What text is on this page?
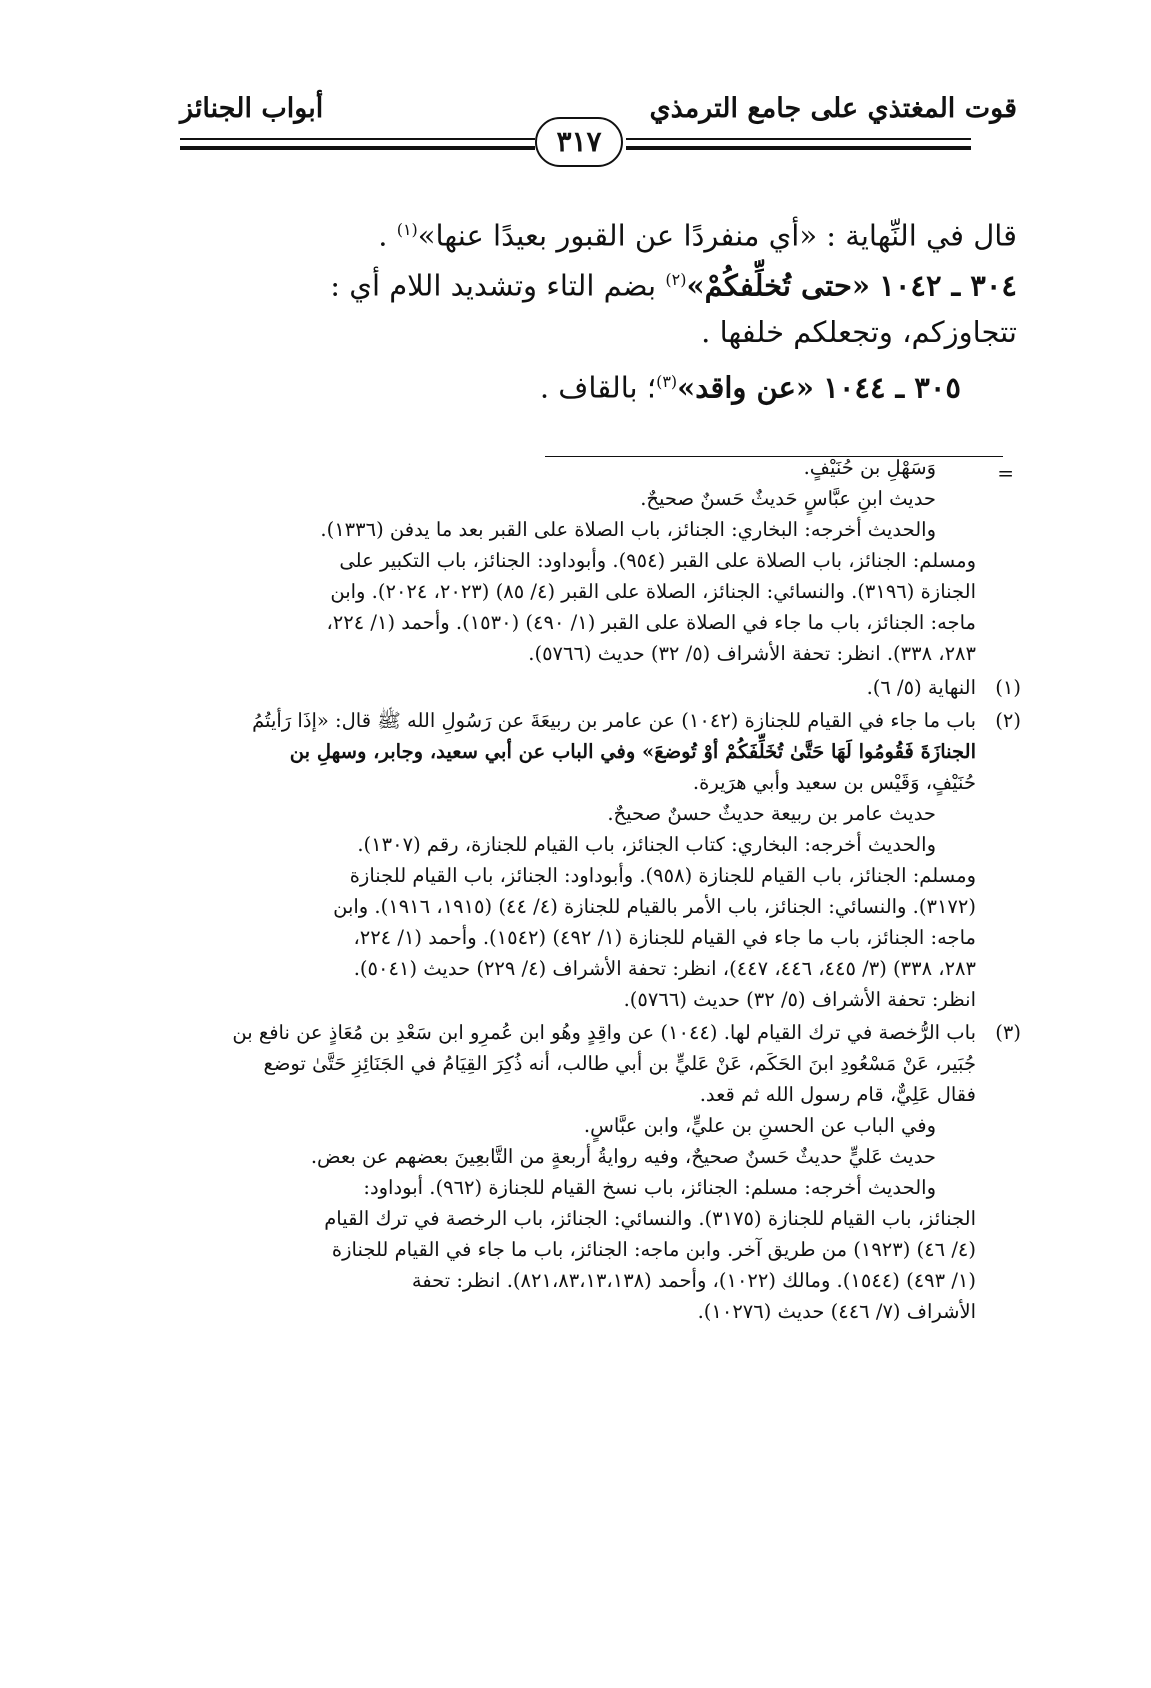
قوت المغتذي على جامع الترمذي
أبواب الجنائز
٣١٧
قال في النِّهاية : «أي منفردًا عن القبور بعيدًا عنها»$^{(١)}$ .
٣٠٤ ـ ١٠٤٢ «حتى تُخلِّفكُمْ»$^{(٢)}$ بضم التاء وتشديد اللام أي :
تتجاوزكم، وتجعلكم خلفها .
٣٠٥ ـ ١٠٤٤ «عن واقد»$^{(٣)}$؛ بالقاف .
=

وَسَهْلِ بن حُنَيْفٍ.

حديث ابنِ عبَّاسٍ حَديثٌ حَسنٌ صحيحٌ.

والحديث أخرجه: البخاري: الجنائز، باب الصلاة على القبر بعد ما يدفن (١٣٣٦).

ومسلم: الجنائز، باب الصلاة على القبر (٩٥٤). وأبوداود: الجنائز، باب التكبير على

الجنازة (٣١٩٦). والنسائي: الجنائز، الصلاة على القبر (٤/ ٨٥) (٢٠٢٣، ٢٠٢٤). وابن

ماجه: الجنائز، باب ما جاء في الصلاة على القبر (١/ ٤٩٠) (١٥٣٠). وأحمد (١/ ٢٢٤،

٢٨٣، ٣٣٨). انظر: تحفة الأشراف (٥/ ٣٢) حديث (٥٧٦٦).

(١)

النهاية (٥/ ٦).

(٢)

باب ما جاء في القيام للجنازة (١٠٤٢) عن عامر بن ربيعَةَ عن رَسُولِ الله ﷺ قال: «إذَا رَأيتُمُ

الجنازَةَ فَقُومُوا لَهَا حَتَّىٰ تُخَلِّفَكُمْ أوْ تُوضعَ» وفي الباب عن أبي سعيد، وجابر، وسهلِ بن

حُنَيْفٍ، وَقَيْس بن سعيد وأبي هرَيرة.

حديث عامر بن ربيعة حديثٌ حسنٌ صحيحٌ.

والحديث أخرجه: البخاري: كتاب الجنائز، باب القيام للجنازة، رقم (١٣٠٧).

ومسلم: الجنائز، باب القيام للجنازة (٩٥٨). وأبوداود: الجنائز، باب القيام للجنازة

(٣١٧٢). والنسائي: الجنائز، باب الأمر بالقيام للجنازة (٤/ ٤٤) (١٩١٥، ١٩١٦). وابن

ماجه: الجنائز، باب ما جاء في القيام للجنازة (١/ ٤٩٢) (١٥٤٢). وأحمد (١/ ٢٢٤،

٢٨٣، ٣٣٨) (٣/ ٤٤٥، ٤٤٦، ٤٤٧)، انظر: تحفة الأشراف (٤/ ٢٢٩) حديث (٥٠٤١).

انظر: تحفة الأشراف (٥/ ٣٢) حديث (٥٧٦٦).

(٣)

باب الرُّخصة في ترك القيام لها. (١٠٤٤) عن واقِدٍ وهُو ابن عُمرِو ابن سَعْدِ بن مُعَاذٍ عن نافع بن

جُبَير، عَنْ مَسْعُودِ ابنَ الحَكَم، عَنْ عَليٍّ بن أبي طالب، أنه ذُكِرَ القِيَامُ في الجَنَائِزِ حَتَّىٰ توضع

فقال عَلِيٌّ، قام رسول الله ثم قعد.

وفي الباب عن الحسنِ بن عليٍّ، وابن عبَّاسٍ.

حديث عَليٍّ حديثٌ حَسنٌ صحيحٌ، وفيه روايةُ أربعةٍ من التَّابعِينَ بعضهم عن بعض.

والحديث أخرجه: مسلم: الجنائز، باب نسخ القيام للجنازة (٩٦٢). أبوداود:

الجنائز، باب القيام للجنازة (٣١٧٥). والنسائي: الجنائز، باب الرخصة في ترك القيام

(٤/ ٤٦) (١٩٢٣) من طريق آخر. وابن ماجه: الجنائز، باب ما جاء في القيام للجنازة

(١/ ٤٩٣) (١٥٤٤). ومالك (١٠٢٢)، وأحمد (٨٢١،٨٣،١٣،١٣٨). انظر: تحفة

الأشراف (٧/ ٤٤٦) حديث (١٠٢٧٦).
